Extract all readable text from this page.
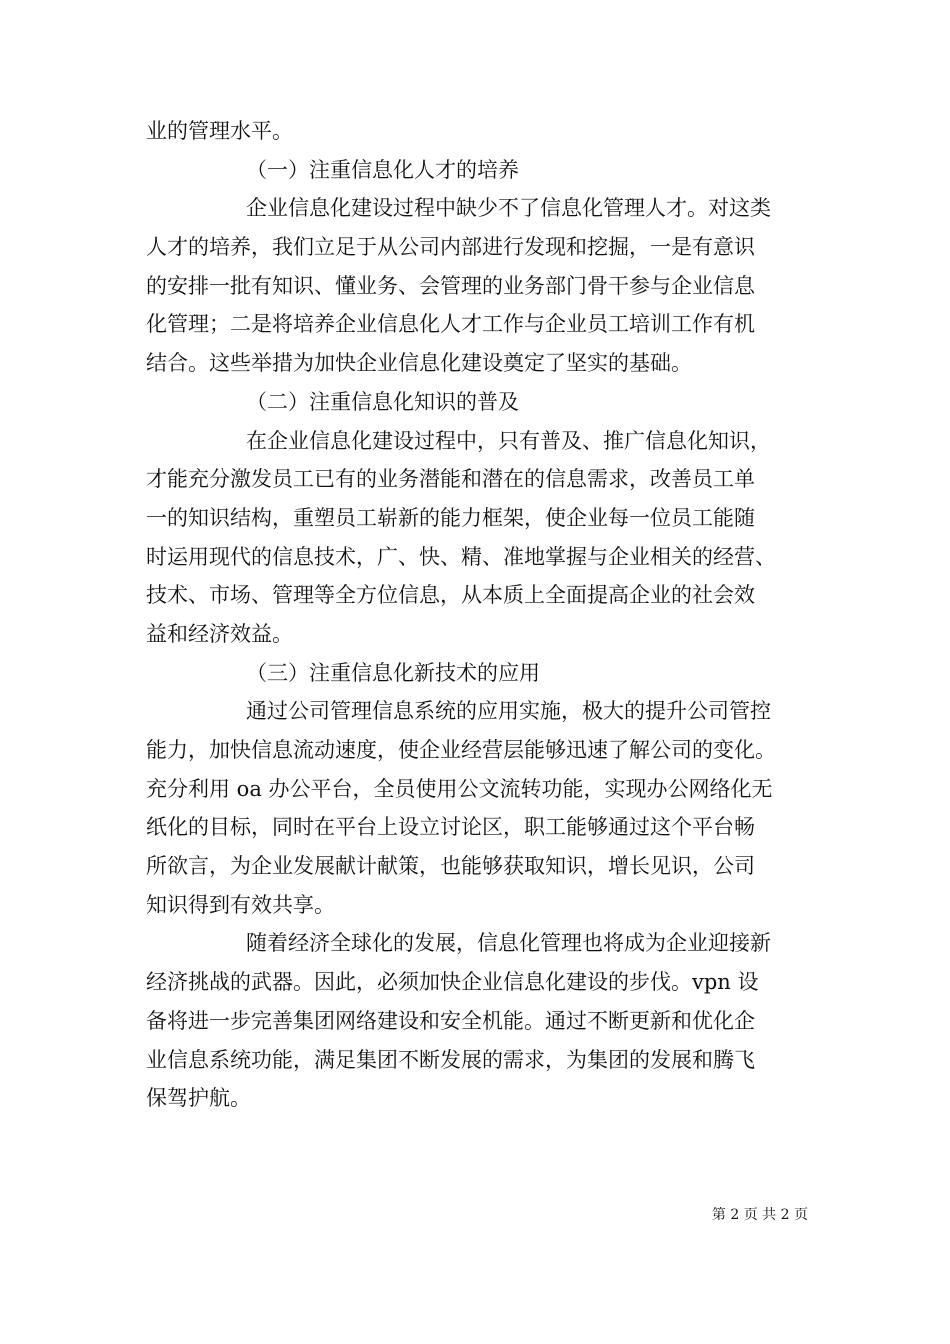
业的管理水平。
（一）注重信息化人才的培养
企业信息化建设过程中缺少不了信息化管理人才。对这类
人才的培养，我们立足于从公司内部进行发现和挖掘，一是有意识
的安排一批有知识、懂业务、会管理的业务部门骨干参与企业信息
化管理；二是将培养企业信息化人才工作与企业员工培训工作有机
结合。这些举措为加快企业信息化建设奠定了坚实的基础。
（二）注重信息化知识的普及
在企业信息化建设过程中，只有普及、推广信息化知识，
才能充分激发员工已有的业务潜能和潜在的信息需求，改善员工单
一的知识结构，重塑员工崭新的能力框架，使企业每一位员工能随
时运用现代的信息技术，广、快、精、准地掌握与企业相关的经营、
技术、市场、管理等全方位信息，从本质上全面提高企业的社会效
益和经济效益。
（三）注重信息化新技术的应用
通过公司管理信息系统的应用实施，极大的提升公司管控
能力，加快信息流动速度，使企业经营层能够迅速了解公司的变化。
充分利用 oa 办公平台，全员使用公文流转功能，实现办公网络化无
纸化的目标，同时在平台上设立讨论区，职工能够通过这个平台畅
所欲言，为企业发展献计献策，也能够获取知识，增长见识，公司
知识得到有效共享。
随着经济全球化的发展，信息化管理也将成为企业迎接新
经济挑战的武器。因此，必须加快企业信息化建设的步伐。vpn 设
备将进一步完善集团网络建设和安全机能。通过不断更新和优化企
业信息系统功能，满足集团不断发展的需求，为集团的发展和腾飞
保驾护航。
第 2 页 共 2 页
